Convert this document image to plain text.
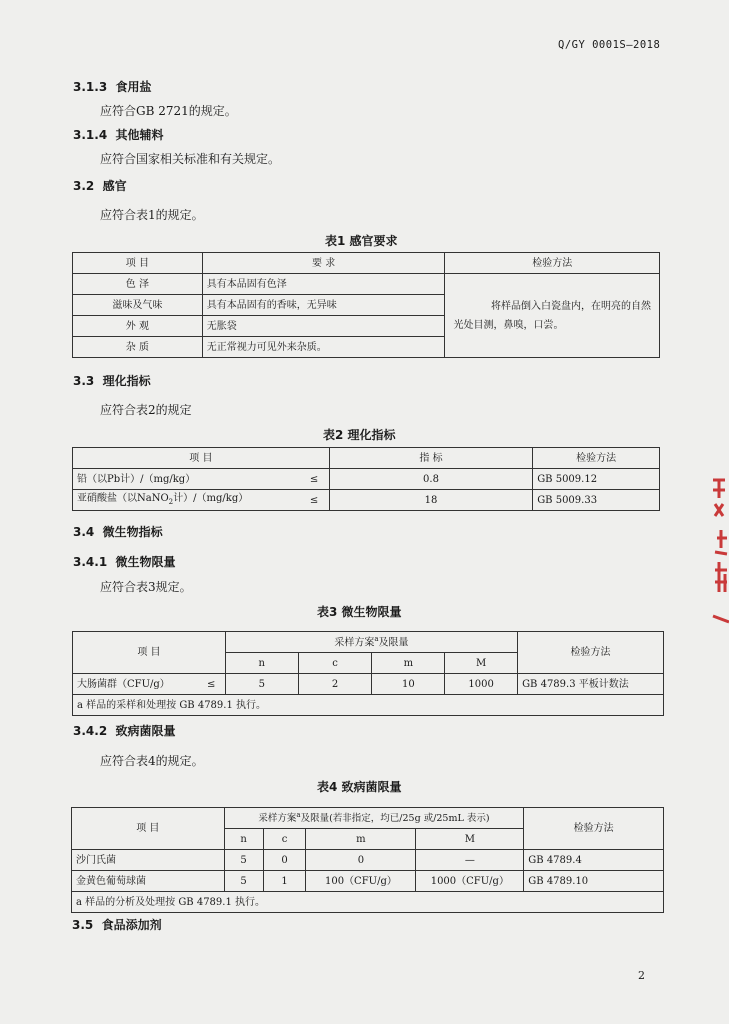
Q/GY 0001S—2018
3.1.3 食用盐
应符合GB 2721的规定。
3.1.4 其他辅料
应符合国家相关标准和有关规定。
3.2 感官
应符合表1的规定。
表1 感官要求
项 目	要 求	检验方法
色 泽	具有本品固有色泽	将样品倒入白瓷盘内，在明亮的自然
光处目测，鼻嗅，口尝。

滋味及气味	具有本品固有的香味，无异味	
外 观	无胀袋	
杂 质	无正常视力可见外来杂质。	
3.3 理化指标
应符合表2的规定
表2 理化指标
项 目		指 标	检验方法
铅（以Pb计）/（mg/kg）	≤	0.8	GB 5009.12
亚硝酸盐（以NaNO$_2$计）/（mg/kg）	≤	18	GB 5009.33
3.4 微生物指标
3.4.1 微生物限量
应符合表3规定。
表3 微生物限量
项 目		采样方案$^a$及限量				检验方法
		n	c	m	M	
大肠菌群（CFU/g）	≤	5	2	10	1000	GB 4789.3 平板计数法
a 样品的采样和处理按 GB 4789.1 执行。						
3.4.2 致病菌限量
应符合表4的规定。
表4 致病菌限量
项 目	采样方案$^a$及限量(若非指定，均已/25g 或/25mL 表示)				检验方法
	n	c	m	M	
沙门氏菌	5	0	0	—	GB 4789.4
金黄色葡萄球菌	5	1	100（CFU/g）	1000（CFU/g）	GB 4789.10
a 样品的分析及处理按 GB 4789.1 执行。					
3.5 食品添加剂
2
